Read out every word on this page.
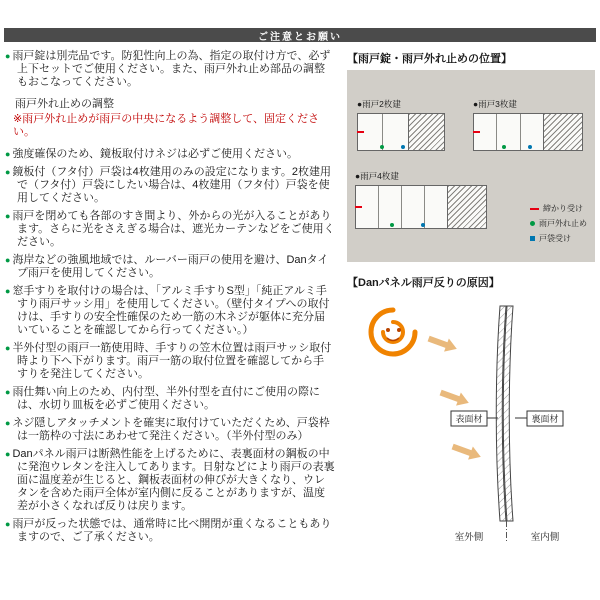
ご注意とお願い
● 雨戸錠は別売品です。防犯性向上の為、指定の取付け方で、必ず上下セットでご使用ください。また、雨戸外れ止め部品の調整もおこなってください。
雨戸外れ止めの調整
※雨戸外れ止めが雨戸の中央になるよう調整して、固定ください。
● 強度確保のため、鏡板取付けネジは必ずご使用ください。
● 鏡板付（フタ付）戸袋は4枚建用のみの設定になります。2枚建用で（フタ付）戸袋にしたい場合は、4枚建用（フタ付）戸袋を使用してください。
● 雨戸を閉めても各部のすき間より、外からの光が入ることがあります。さらに光をさえぎる場合は、遮光カーテンなどをご使用ください。
● 海岸などの強風地域では、ルーバー雨戸の使用を避け、Danタイプ雨戸を使用してください。
● 窓手すりを取付けの場合は、「アルミ手すりS型」「純正アルミ手すり雨戸サッシ用」を使用してください。（壁付タイプへの取付けは、手すりの安全性確保のため一筋の木ネジが躯体に充分届いていることを確認してから行ってください。）
● 半外付型の雨戸一筋使用時、手すりの笠木位置は雨戸サッシ取付時より下へ下がります。雨戸一筋の取付位置を確認してから手すりを発注してください。
● 雨仕舞い向上のため、内付型、半外付型を直付にご使用の際には、水切り皿板を必ずご使用ください。
● ネジ隠しアタッチメントを確実に取付けていただくため、戸袋枠は一筋枠の寸法にあわせて発注ください。（半外付型のみ）
● Danパネル雨戸は断熱性能を上げるために、表裏面材の鋼板の中に発泡ウレタンを注入してあります。日射などにより雨戸の表裏面に温度差が生じると、鋼板表面材の伸びが大きくなり、ウレタンを含めた雨戸全体が室内側に反ることがありますが、温度差が小さくなれば反りは戻ります。
● 雨戸が反った状態では、通常時に比べ開閉が重くなることもありますので、ご了承ください。
【雨戸錠・雨戸外れ止めの位置】
●雨戸2枚建	●雨戸3枚建
●雨戸4枚建
締かり受け
雨戸外れ止め
戸袋受け
【Danパネル雨戸反りの原因】
表面材	裏面材
室外側	室内側
